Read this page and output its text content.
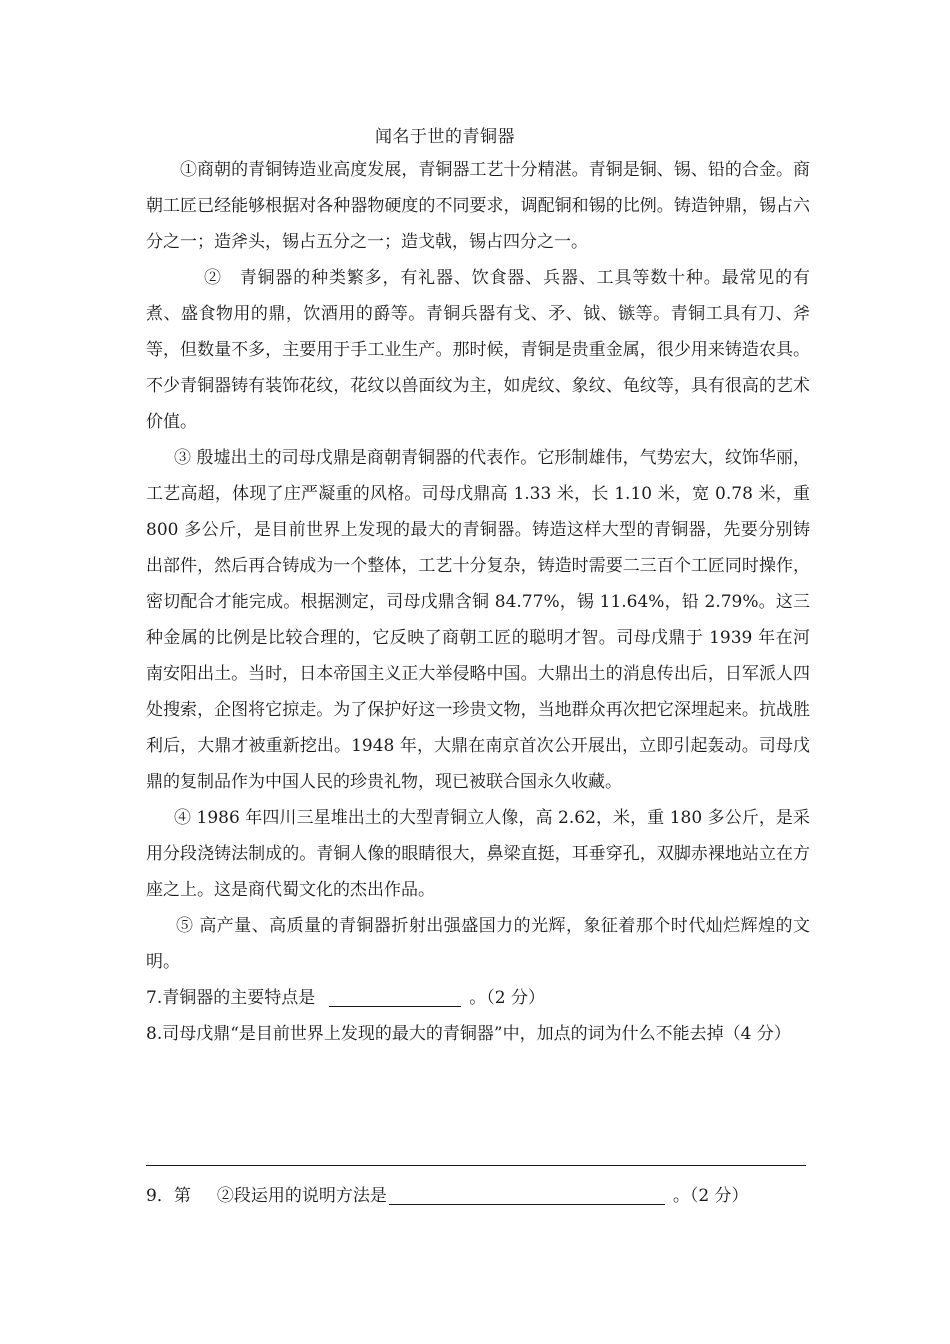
闻名于世的青铜器

①商朝的青铜铸造业高度发展，青铜器工艺十分精湛。青铜是铜、锡、铅的合金。商朝工匠已经能够根据对各种器物硬度的不同要求，调配铜和锡的比例。铸造钟鼎，锡占六分之一；造斧头，锡占五分之一；造戈戟，锡占四分之一。

②　青铜器的种类繁多，有礼器、饮食器、兵器、工具等数十种。最常见的有煮、盛食物用的鼎，饮酒用的爵等。青铜兵器有戈、矛、钺、镞等。青铜工具有刀、斧等，但数量不多，主要用于手工业生产。那时候，青铜是贵重金属，很少用来铸造农具。不少青铜器铸有装饰花纹，花纹以兽面纹为主，如虎纹、象纹、龟纹等，具有很高的艺术价值。

③ 殷墟出土的司母戊鼎是商朝青铜器的代表作。它形制雄伟，气势宏大，纹饰华丽，工艺高超，体现了庄严凝重的风格。司母戊鼎高 1.33 米，长 1.10 米，宽 0.78 米，重 800 多公斤，是目前世界上发现的最大的青铜器。铸造这样大型的青铜器，先要分别铸出部件，然后再合铸成为一个整体，工艺十分复杂，铸造时需要二三百个工匠同时操作，密切配合才能完成。根据测定，司母戊鼎含铜 84.77%，锡 11.64%，铅 2.79%。这三种金属的比例是比较合理的，它反映了商朝工匠的聪明才智。司母戊鼎于 1939 年在河南安阳出土。当时，日本帝国主义正大举侵略中国。大鼎出土的消息传出后，日军派人四处搜索，企图将它掠走。为了保护好这一珍贵文物，当地群众再次把它深埋起来。抗战胜利后，大鼎才被重新挖出。1948 年，大鼎在南京首次公开展出，立即引起轰动。司母戊鼎的复制品作为中国人民的珍贵礼物，现已被联合国永久收藏。

④ 1986 年四川三星堆出土的大型青铜立人像，高 2.62，米，重 180 多公斤，是采用分段浇铸法制成的。青铜人像的眼睛很大，鼻梁直挺，耳垂穿孔，双脚赤裸地站立在方座之上。这是商代蜀文化的杰出作品。

⑤ 高产量、高质量的青铜器折射出强盛国力的光辉，象征着那个时代灿烂辉煌的文明。

7.青铜器的主要特点是	。（2 分）

8.司母戊鼎“是目前世界上发现的最大的青铜器”中，加点的词为什么不能去掉（4 分）

9．第 ②段运用的说明方法是	。（2 分）
